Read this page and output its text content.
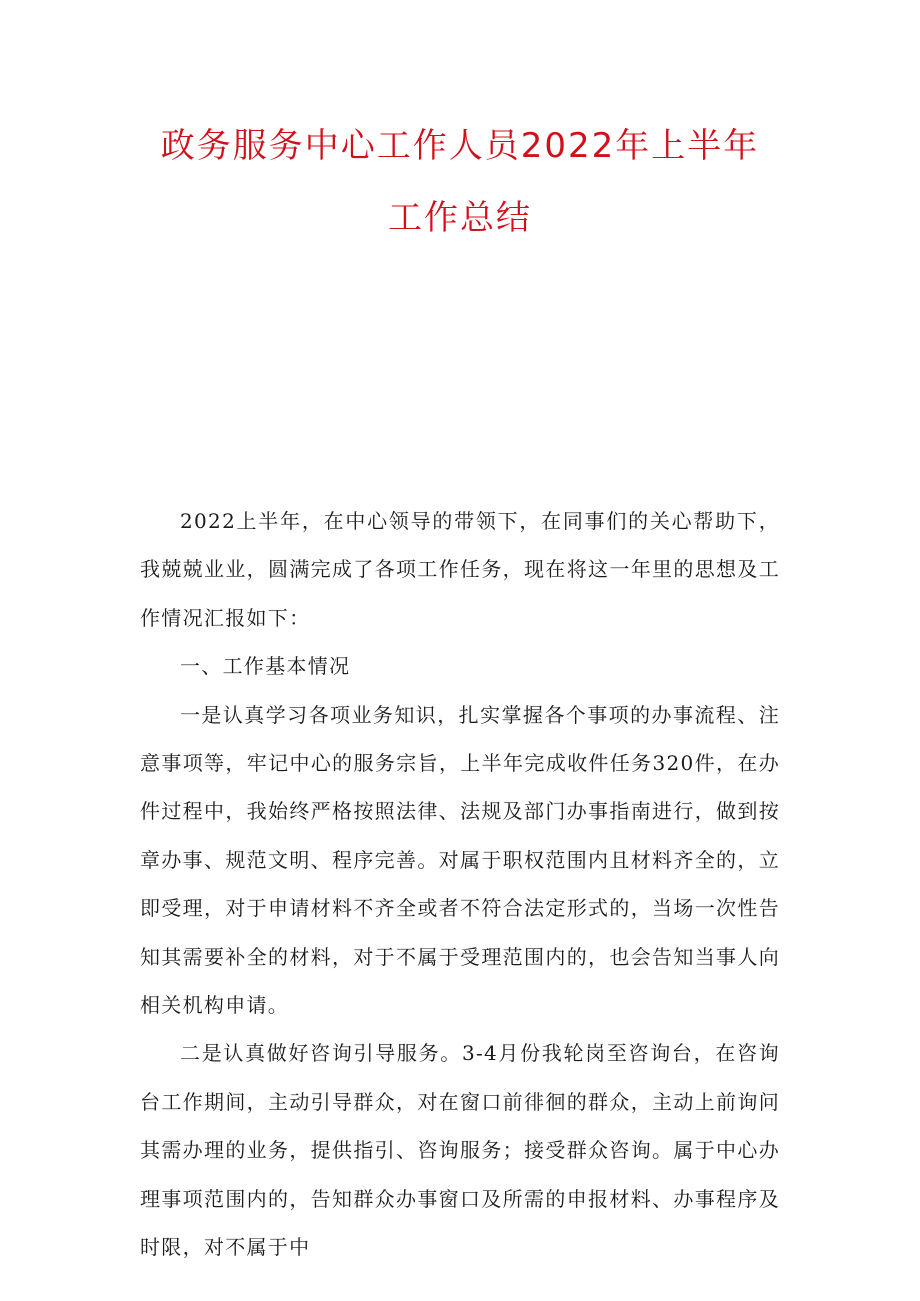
政务服务中心工作人员2022年上半年
工作总结

2022上半年，在中心领导的带领下，在同事们的关心帮助下，我兢兢业业，圆满完成了各项工作任务，现在将这一年里的思想及工作情况汇报如下：

一、工作基本情况

一是认真学习各项业务知识，扎实掌握各个事项的办事流程、注意事项等，牢记中心的服务宗旨，上半年完成收件任务320件，在办件过程中，我始终严格按照法律、法规及部门办事指南进行，做到按章办事、规范文明、程序完善。对属于职权范围内且材料齐全的，立即受理，对于申请材料不齐全或者不符合法定形式的，当场一次性告知其需要补全的材料，对于不属于受理范围内的，也会告知当事人向相关机构申请。

二是认真做好咨询引导服务。3-4月份我轮岗至咨询台，在咨询台工作期间，主动引导群众，对在窗口前徘徊的群众，主动上前询问其需办理的业务，提供指引、咨询服务；接受群众咨询。属于中心办理事项范围内的，告知群众办事窗口及所需的申报材料、办事程序及时限，对不属于中
